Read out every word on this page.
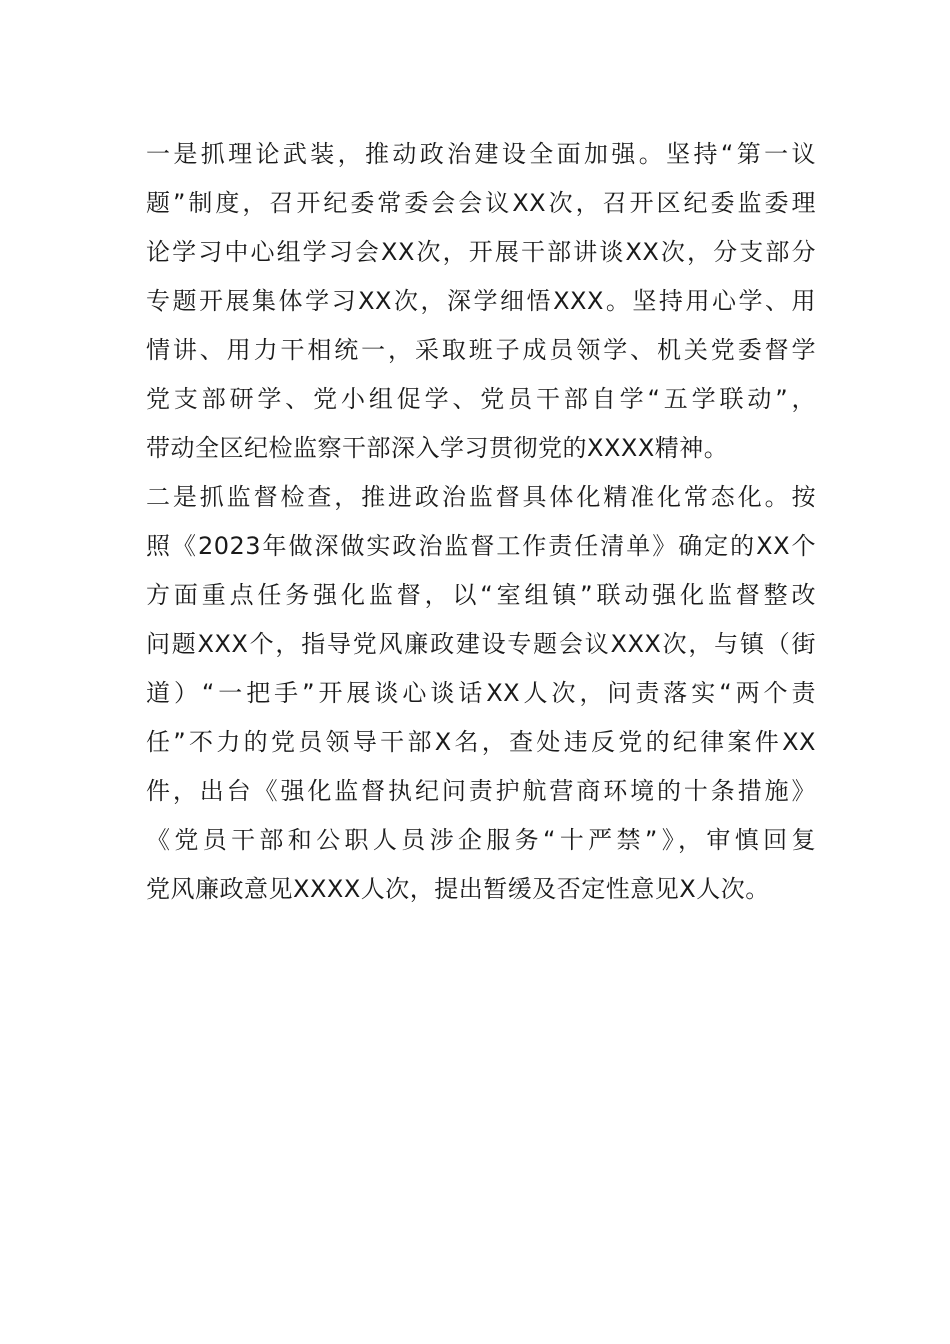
一是抓理论武装，推动政治建设全面加强。坚持“第一议
题”制度，召开纪委常委会会议XX次，召开区纪委监委理
论学习中心组学习会XX次，开展干部讲谈XX次，分支部分
专题开展集体学习XX次，深学细悟XXX。坚持用心学、用
情讲、用力干相统一，采取班子成员领学、机关党委督学
党支部研学、党小组促学、党员干部自学“五学联动”，
带动全区纪检监察干部深入学习贯彻党的XXXX精神。
二是抓监督检查，推进政治监督具体化精准化常态化。按
照《2023年做深做实政治监督工作责任清单》确定的XX个
方面重点任务强化监督，以“室组镇”联动强化监督整改
问题XXX个，指导党风廉政建设专题会议XXX次，与镇（街
道）“一把手”开展谈心谈话XX人次，问责落实“两个责
任”不力的党员领导干部X名，查处违反党的纪律案件XX
件，出台《强化监督执纪问责护航营商环境的十条措施》
《党员干部和公职人员涉企服务“十严禁”》，审慎回复
党风廉政意见XXXX人次，提出暂缓及否定性意见X人次。
